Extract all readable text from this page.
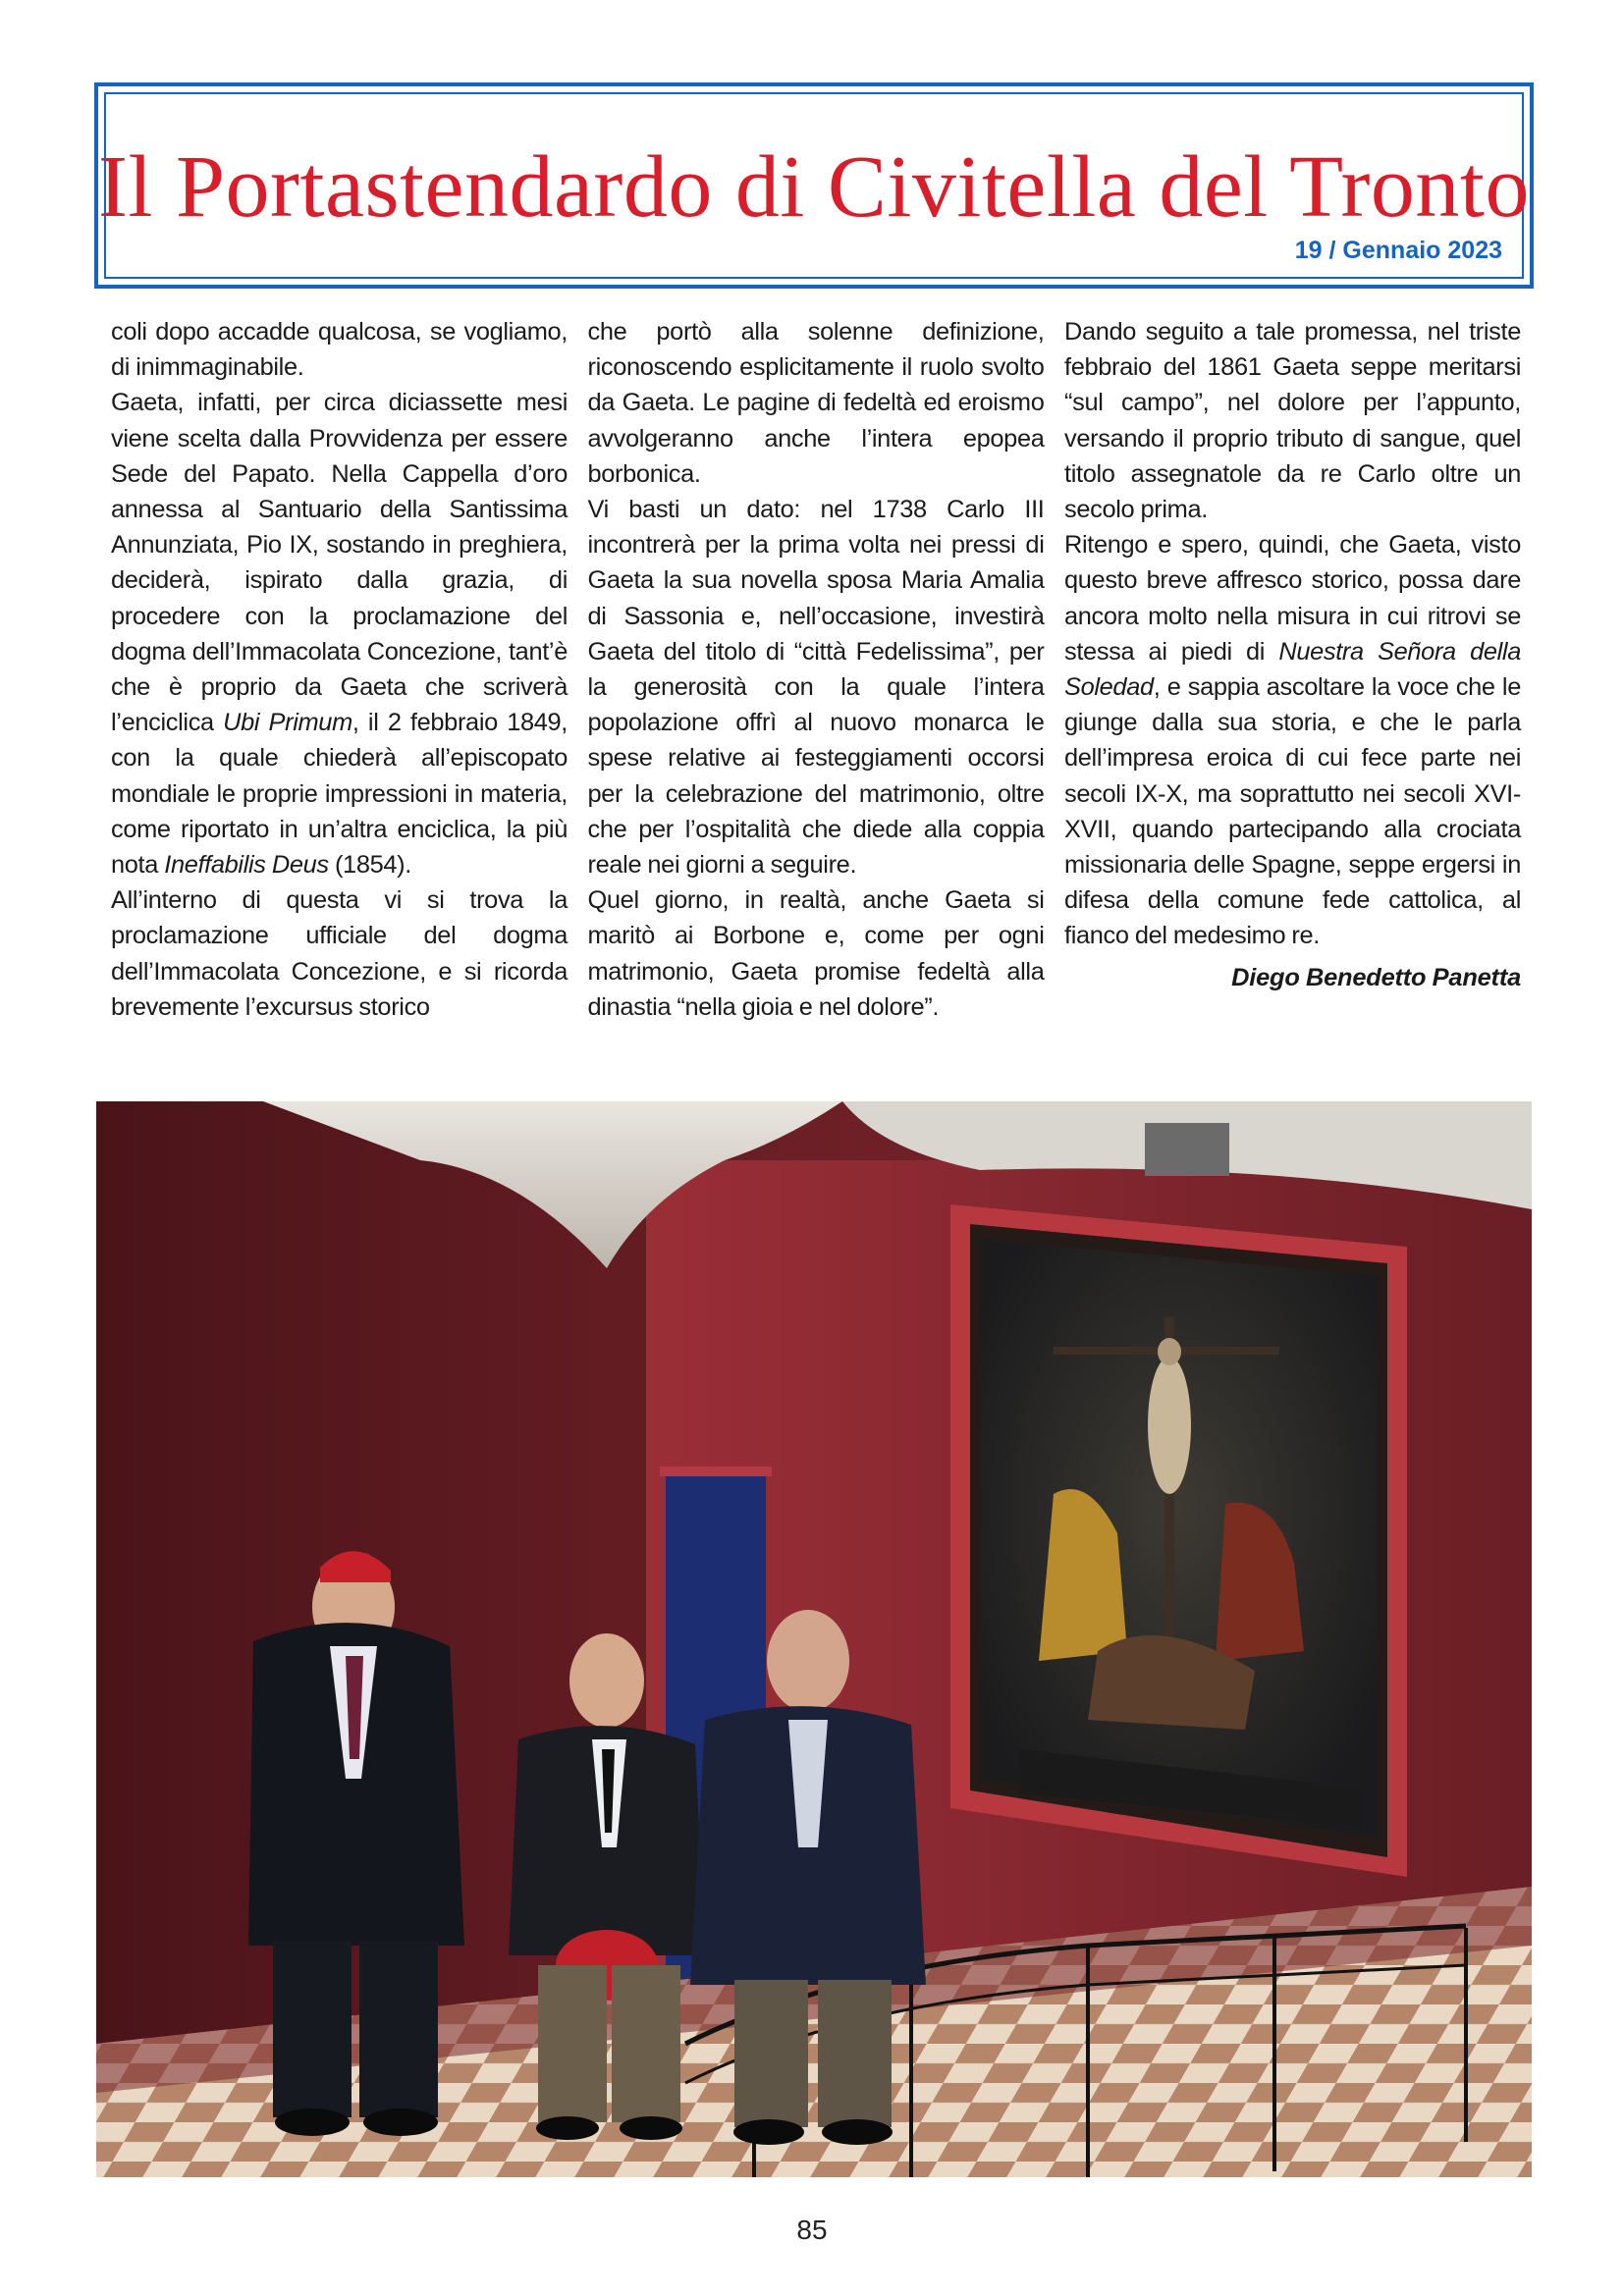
Il Portastendardo di Civitella del Tronto
19 / Gennaio 2023

coli dopo accadde qualcosa, se vogliamo, di inimmaginabile.

Gaeta, infatti, per circa diciassette mesi viene scelta dalla Provvidenza per essere Sede del Papato. Nella Cappella d’oro annessa al Santuario della Santissima Annunziata, Pio IX, sostando in preghiera, deciderà, ispirato dalla grazia, di procedere con la proclamazione del dogma dell’Immacolata Concezione, tant’è che è proprio da Gaeta che scriverà l’enciclica Ubi Primum, il 2 febbraio 1849, con la quale chiederà all’episcopato mondiale le proprie impressioni in materia, come riportato in un’altra enciclica, la più nota Ineffabilis Deus (1854).

All’interno di questa vi si trova la proclamazione ufficiale del dogma dell’Immacolata Concezione, e si ricorda brevemente l’excursus storico

che portò alla solenne definizione, riconoscendo esplicitamente il ruolo svolto da Gaeta. Le pagine di fedeltà ed eroismo avvolgeranno anche l’intera epopea borbonica.

Vi basti un dato: nel 1738 Carlo III incontrerà per la prima volta nei pressi di Gaeta la sua novella sposa Maria Amalia di Sassonia e, nell’occasione, investirà Gaeta del titolo di “città Fedelissima”, per la generosità con la quale l’intera popolazione offrì al nuovo monarca le spese relative ai festeggiamenti occorsi per la celebrazione del matrimonio, oltre che per l’ospitalità che diede alla coppia reale nei giorni a seguire.

Quel giorno, in realtà, anche Gaeta si maritò ai Borbone e, come per ogni matrimonio, Gaeta promise fedeltà alla dinastia “nella gioia e nel dolore”.

Dando seguito a tale promessa, nel triste febbraio del 1861 Gaeta seppe meritarsi “sul campo”, nel dolore per l’appunto, versando il proprio tributo di sangue, quel titolo assegnatole da re Carlo oltre un secolo prima.

Ritengo e spero, quindi, che Gaeta, visto questo breve affresco storico, possa dare ancora molto nella misura in cui ritrovi se stessa ai piedi di Nuestra Señora della Soledad, e sappia ascoltare la voce che le giunge dalla sua storia, e che le parla dell’impresa eroica di cui fece parte nei secoli IX-X, ma soprattutto nei secoli XVI-XVII, quando partecipando alla crociata missionaria delle Spagne, seppe ergersi in difesa della comune fede cattolica, al fianco del medesimo re.

Diego Benedetto Panetta

85
